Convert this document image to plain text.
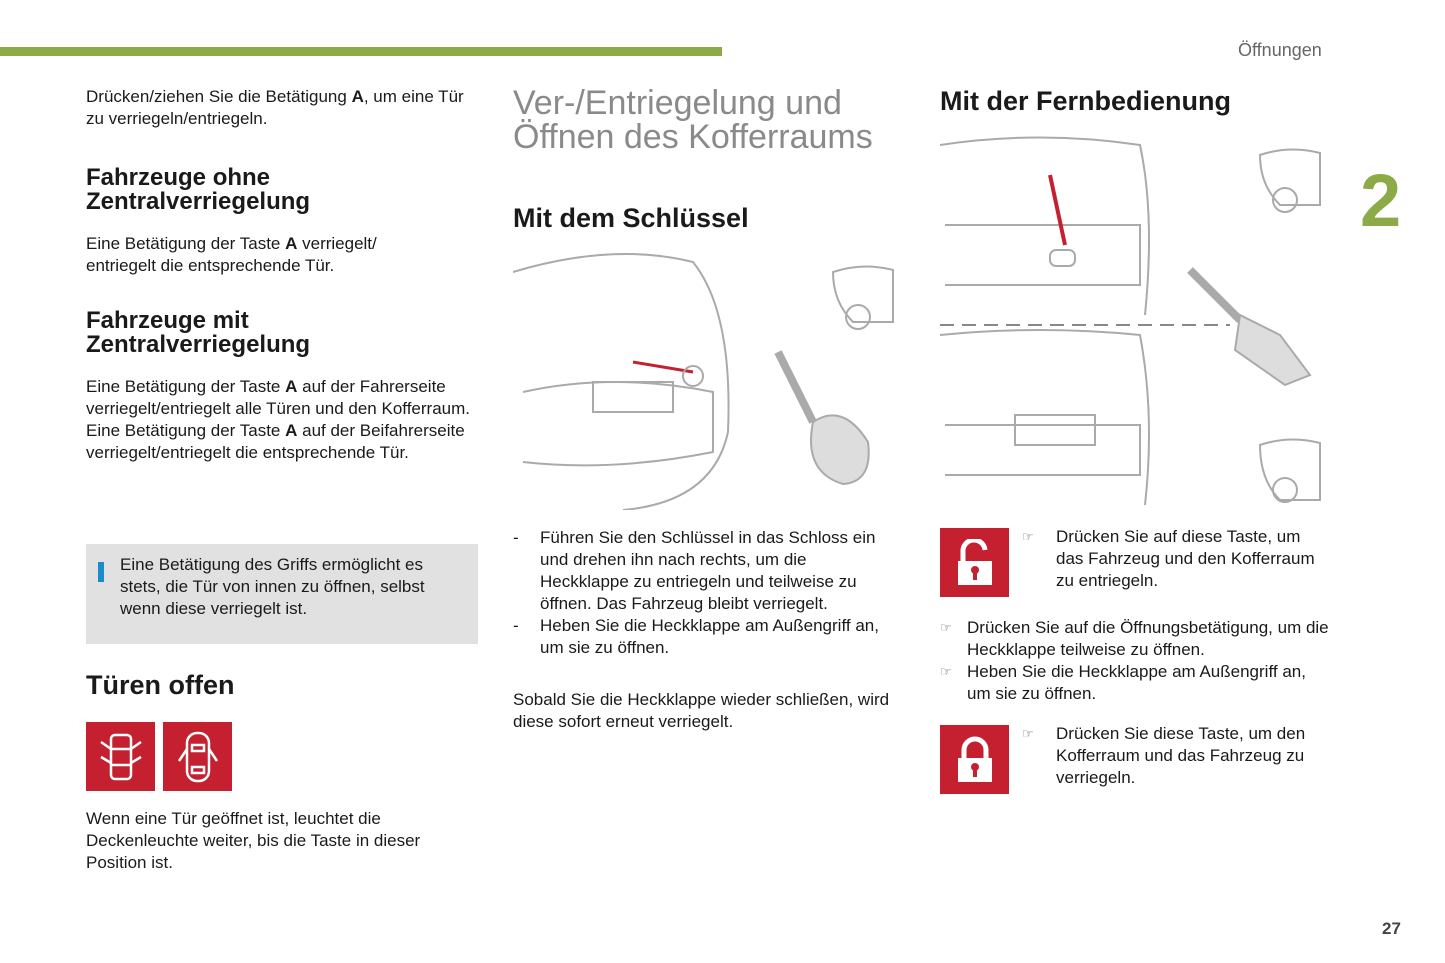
Öffnungen
2
27
Drücken/ziehen Sie die Betätigung A, um eine Tür zu verriegeln/entriegeln.
Fahrzeuge ohne Zentralverriegelung
Eine Betätigung der Taste A verriegelt/ entriegelt die entsprechende Tür.
Fahrzeuge mit Zentralverriegelung
Eine Betätigung der Taste A auf der Fahrerseite verriegelt/entriegelt alle Türen und den Kofferraum.
Eine Betätigung der Taste A auf der Beifahrerseite verriegelt/entriegelt die entsprechende Tür.
Eine Betätigung des Griffs ermöglicht es stets, die Tür von innen zu öffnen, selbst wenn diese verriegelt ist.
Türen offen
Wenn eine Tür geöffnet ist, leuchtet die Deckenleuchte weiter, bis die Taste in dieser Position ist.
Ver-/Entriegelung und Öffnen des Kofferraums
Mit dem Schlüssel
-	Führen Sie den Schlüssel in das Schloss ein und drehen ihn nach rechts, um die Heckklappe zu entriegeln und teilweise zu öffnen. Das Fahrzeug bleibt verriegelt.
-	Heben Sie die Heckklappe am Außengriff an, um sie zu öffnen.
Sobald Sie die Heckklappe wieder schließen, wird diese sofort erneut verriegelt.
Mit der Fernbedienung
☞	Drücken Sie auf diese Taste, um das Fahrzeug und den Kofferraum zu entriegeln.
☞ Drücken Sie auf die Öffnungsbetätigung, um die Heckklappe teilweise zu öffnen.
☞ Heben Sie die Heckklappe am Außengriff an, um sie zu öffnen.
☞	Drücken Sie diese Taste, um den Kofferraum und das Fahrzeug zu verriegeln.
